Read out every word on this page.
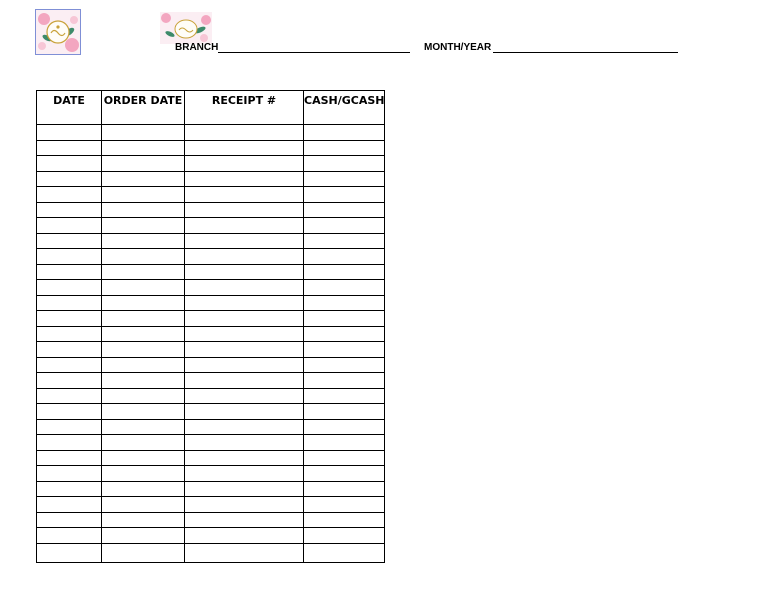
BRANCH	MONTH/YEAR
DATE	ORDER DATE	RECEIPT #	CASH/GCASH
